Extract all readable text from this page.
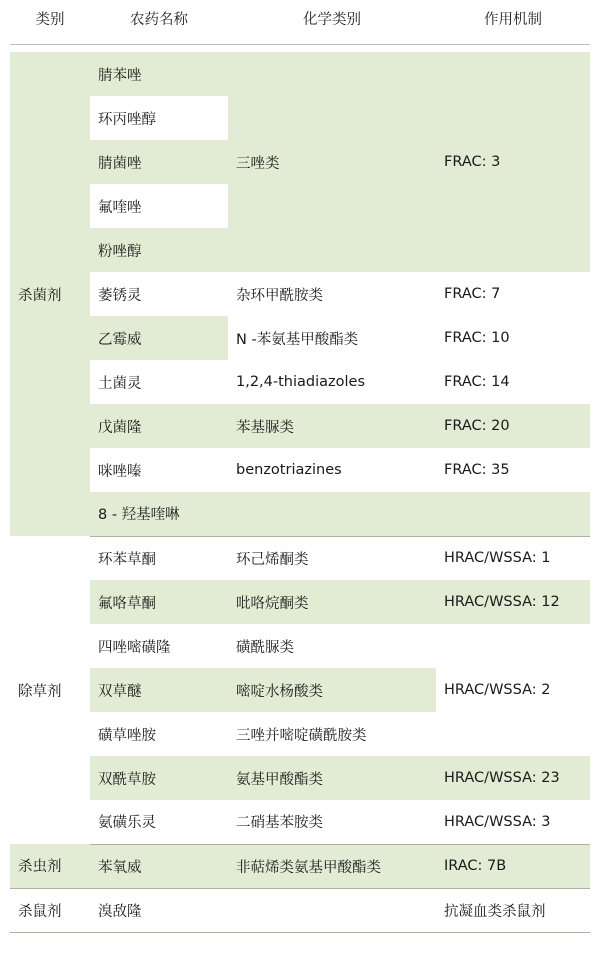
类别	农药名称	化学类别	作用机制
杀菌剂	腈苯唑	三唑类	FRAC: 3
	环丙唑醇		
	腈菌唑		
	氟喹唑		
	粉唑醇		
	萎锈灵	杂环甲酰胺类	FRAC: 7
	乙霉威	N -苯氨基甲酸酯类	FRAC: 10
	土菌灵	1,2,4-thiadiazoles	FRAC: 14
	戊菌隆	苯基脲类	FRAC: 20
	咪唑嗪	benzotriazines	FRAC: 35
	8 - 羟基喹啉		
除草剂	环苯草酮	环己烯酮类	HRAC/WSSA: 1
	氟咯草酮	吡咯烷酮类	HRAC/WSSA: 12
	四唑嘧磺隆	磺酰脲类	HRAC/WSSA: 2
	双草醚	嘧啶水杨酸类	
	磺草唑胺	三唑并嘧啶磺酰胺类	
	双酰草胺	氨基甲酸酯类	HRAC/WSSA: 23
	氨磺乐灵	二硝基苯胺类	HRAC/WSSA: 3
杀虫剂	苯氧威	非萜烯类氨基甲酸酯类	IRAC: 7B
杀鼠剂	溴敌隆		抗凝血类杀鼠剂
